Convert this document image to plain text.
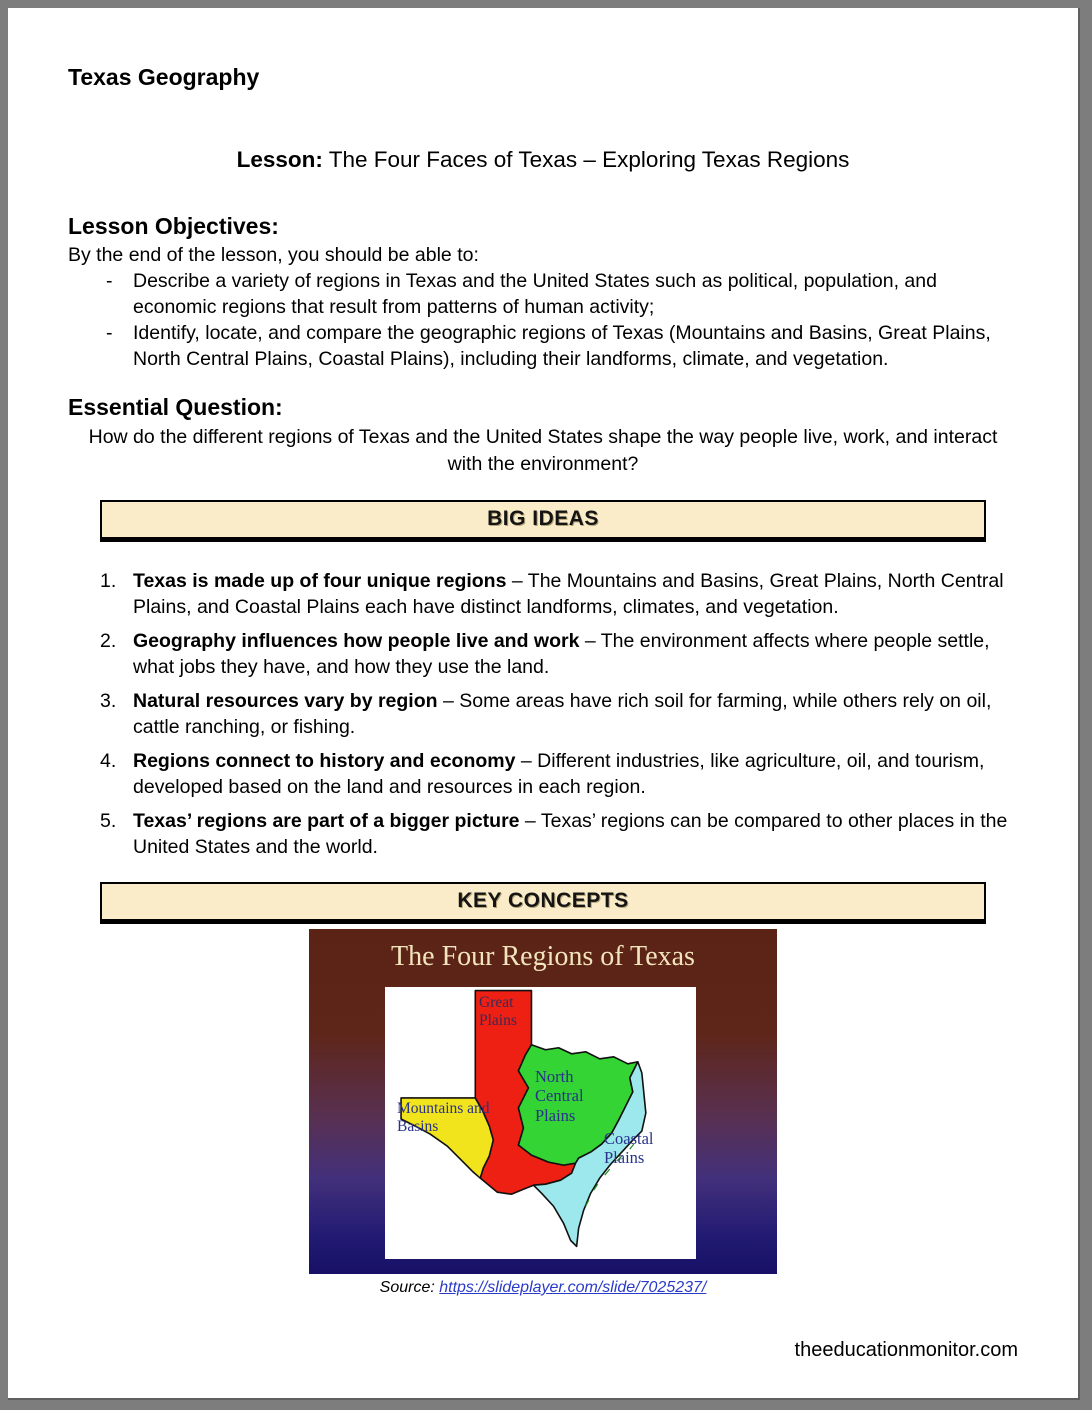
Texas Geography
Lesson: The Four Faces of Texas – Exploring Texas Regions
Lesson Objectives:

By the end of the lesson, you should be able to:

-	Describe a variety of regions in Texas and the United States such as political, population, and economic regions that result from patterns of human activity;
-	Identify, locate, and compare the geographic regions of Texas (Mountains and Basins, Great Plains, North Central Plains, Coastal Plains), including their landforms, climate, and vegetation.
Essential Question:

How do the different regions of Texas and the United States shape the way people live, work, and interact with the environment?

BIG IDEAS
1. Texas is made up of four unique regions – The Mountains and Basins, Great Plains, North Central Plains, and Coastal Plains each have distinct landforms, climates, and vegetation.
2. Geography influences how people live and work – The environment affects where people settle, what jobs they have, and how they use the land.
3. Natural resources vary by region – Some areas have rich soil for farming, while others rely on oil, cattle ranching, or fishing.
4. Regions connect to history and economy – Different industries, like agriculture, oil, and tourism, developed based on the land and resources in each region.
5. Texas’ regions are part of a bigger picture – Texas’ regions can be compared to other places in the United States and the world.
KEY CONCEPTS
The Four Regions of Texas
Great Plains
North Central Plains
Mountains and Basins
Coastal Plains
Source: https://slideplayer.com/slide/7025237/
theeducationmonitor.com
